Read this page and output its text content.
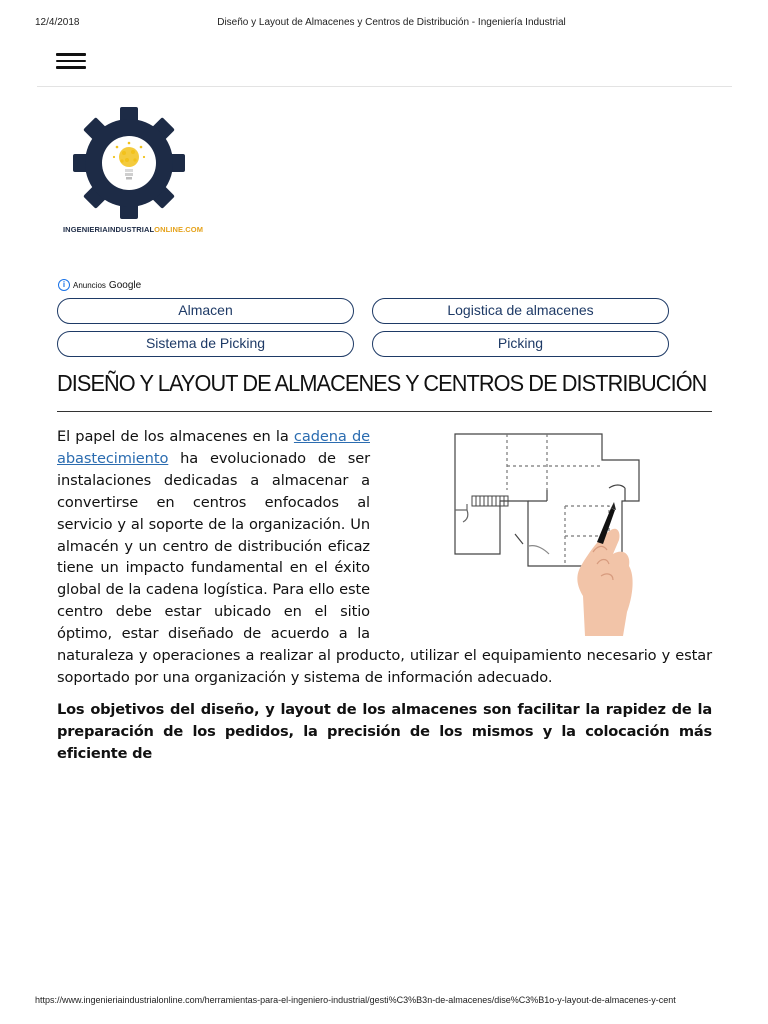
12/4/2018	Diseño y Layout de Almacenes y Centros de Distribución - Ingeniería Industrial
INGENIERIAINDUSTRIALONLINE.COM
i Anuncios Google
Almacen	Logistica de almacenes
Sistema de Picking	Picking
DISEÑO Y LAYOUT DE ALMACENES Y CENTROS DE DISTRIBUCIÓN

El papel de los almacenes en la cadena de abastecimiento ha evolucionado de ser instalaciones dedicadas a almacenar a convertirse en centros enfocados al servicio y al soporte de la organización. Un almacén y un centro de distribución eficaz tiene un impacto fundamental en el éxito global de la cadena logística. Para ello este centro debe estar ubicado en el sitio óptimo, estar diseñado de acuerdo a la naturaleza y operaciones a realizar al producto, utilizar el equipamiento necesario y estar soportado por una organización y sistema de información adecuado.

Los objetivos del diseño, y layout de los almacenes son facilitar la rapidez de la preparación de los pedidos, la precisión de los mismos y la colocación más eficiente de

https://www.ingenieriaindustrialonline.com/herramientas-para-el-ingeniero-industrial/gesti%C3%B3n-de-almacenes/dise%C3%B1o-y-layout-de-almacenes-y-cent
